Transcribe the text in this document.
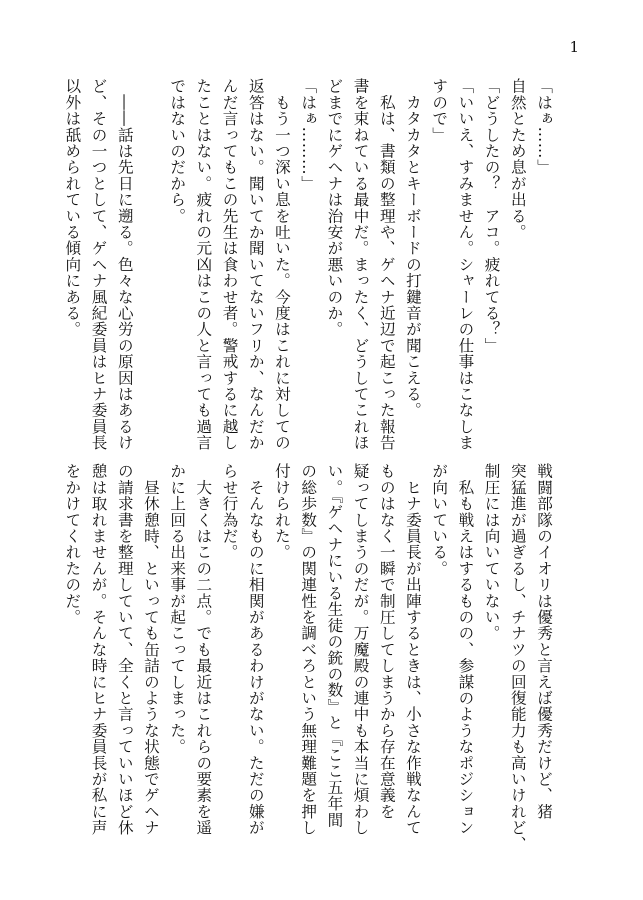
1
「はぁ……」
自然とため息が出る。
「どうしたの？　アコ。疲れてる？」
「いいえ、すみません。シャーレの仕事はこなしま
すので」
　カタカタとキーボードの打鍵音が聞こえる。
　私は、書類の整理や、ゲヘナ近辺で起こった報告
書を束ねている最中だ。まったく、どうしてこれほ
どまでにゲヘナは治安が悪いのか。
「はぁ………」
　もう一つ深い息を吐いた。今度はこれに対しての
返答はない。聞いてか聞いてないフリか、なんだか
んだ言ってもこの先生は食わせ者。警戒するに越し
たことはない。疲れの元凶はこの人と言っても過言
ではないのだから。

　――話は先日に遡る。色々な心労の原因はあるけ
ど、その一つとして、ゲヘナ風紀委員はヒナ委員長
以外は舐められている傾向にある。
戦闘部隊のイオリは優秀と言えば優秀だけど、猪
突猛進が過ぎるし、チナツの回復能力も高いけれど、
制圧には向いていない。
　私も戦えはするものの、参謀のようなポジション
が向いている。
　ヒナ委員長が出陣するときは、小さな作戦なんて
ものはなく一瞬で制圧してしまうから存在意義を
疑ってしまうのだが。万魔殿の連中も本当に煩わし
い。『ゲヘナにいる生徒の銃の数』と『ここ五年間
の総歩数』の関連性を調べろという無理難題を押し
付けられた。
　そんなものに相関があるわけがない。ただの嫌が
らせ行為だ。
　大きくはこの二点。でも最近はこれらの要素を遥
かに上回る出来事が起こってしまった。
　昼休憩時、といっても缶詰のような状態でゲヘナ
の請求書を整理していて、全くと言っていいほど休
憩は取れませんが。そんな時にヒナ委員長が私に声
をかけてくれたのだ。
